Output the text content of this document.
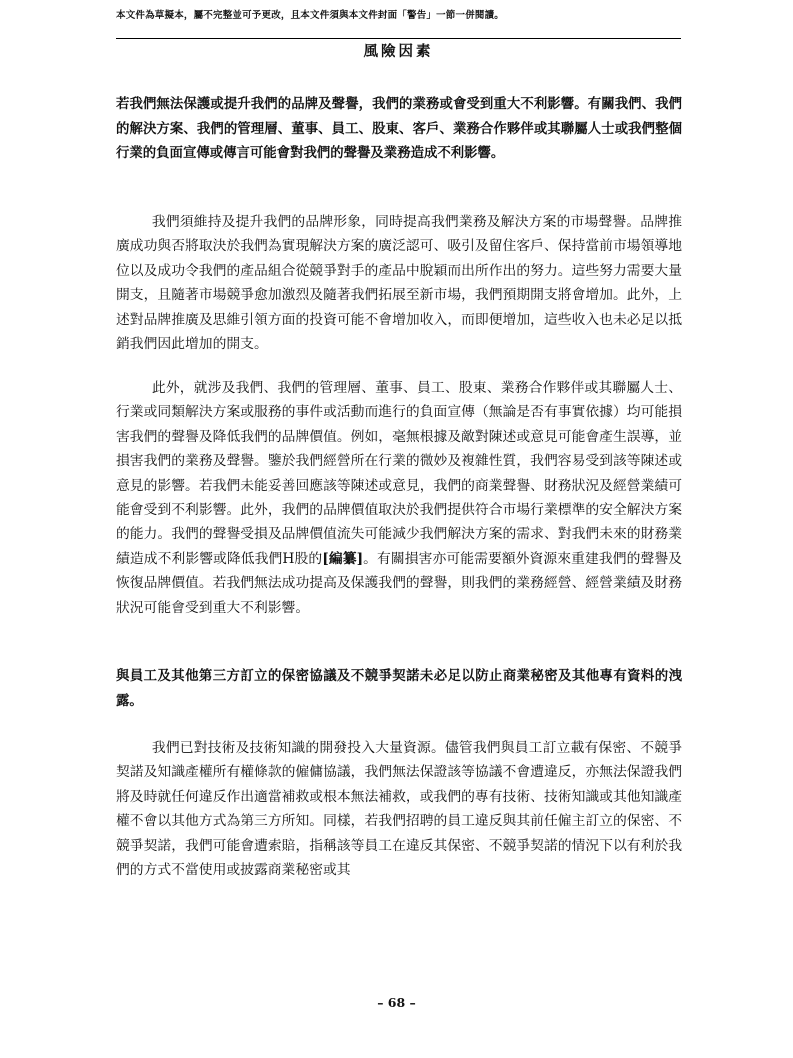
本文件為草擬本，屬不完整並可予更改，且本文件須與本文件封面「警告」一節一併閱讀。
風險因素

若我們無法保護或提升我們的品牌及聲譽，我們的業務或會受到重大不利影響。有關我們、我們的解決方案、我們的管理層、董事、員工、股東、客戶、業務合作夥伴或其聯屬人士或我們整個行業的負面宣傳或傳言可能會對我們的聲譽及業務造成不利影響。

我們須維持及提升我們的品牌形象，同時提高我們業務及解決方案的市場聲譽。品牌推廣成功與否將取決於我們為實現解決方案的廣泛認可、吸引及留住客戶、保持當前市場領導地位以及成功令我們的產品組合從競爭對手的產品中脫穎而出所作出的努力。這些努力需要大量開支，且隨著市場競爭愈加激烈及隨著我們拓展至新市場，我們預期開支將會增加。此外，上述對品牌推廣及思維引領方面的投資可能不會增加收入，而即便增加，這些收入也未必足以抵銷我們因此增加的開支。

此外，就涉及我們、我們的管理層、董事、員工、股東、業務合作夥伴或其聯屬人士、行業或同類解決方案或服務的事件或活動而進行的負面宣傳（無論是否有事實依據）均可能損害我們的聲譽及降低我們的品牌價值。例如，毫無根據及敵對陳述或意見可能會產生誤導，並損害我們的業務及聲譽。鑒於我們經營所在行業的微妙及複雜性質，我們容易受到該等陳述或意見的影響。若我們未能妥善回應該等陳述或意見，我們的商業聲譽、財務狀況及經營業績可能會受到不利影響。此外，我們的品牌價值取決於我們提供符合市場行業標準的安全解決方案的能力。我們的聲譽受損及品牌價值流失可能減少我們解決方案的需求、對我們未來的財務業績造成不利影響或降低我們H股的[編纂]。有關損害亦可能需要額外資源來重建我們的聲譽及恢復品牌價值。若我們無法成功提高及保護我們的聲譽，則我們的業務經營、經營業績及財務狀況可能會受到重大不利影響。

與員工及其他第三方訂立的保密協議及不競爭契諾未必足以防止商業秘密及其他專有資料的洩露。

我們已對技術及技術知識的開發投入大量資源。儘管我們與員工訂立載有保密、不競爭契諾及知識產權所有權條款的僱傭協議，我們無法保證該等協議不會遭違反，亦無法保證我們將及時就任何違反作出適當補救或根本無法補救，或我們的專有技術、技術知識或其他知識產權不會以其他方式為第三方所知。同樣，若我們招聘的員工違反與其前任僱主訂立的保密、不競爭契諾，我們可能會遭索賠，指稱該等員工在違反其保密、不競爭契諾的情況下以有利於我們的方式不當使用或披露商業秘密或其

– 68 –
